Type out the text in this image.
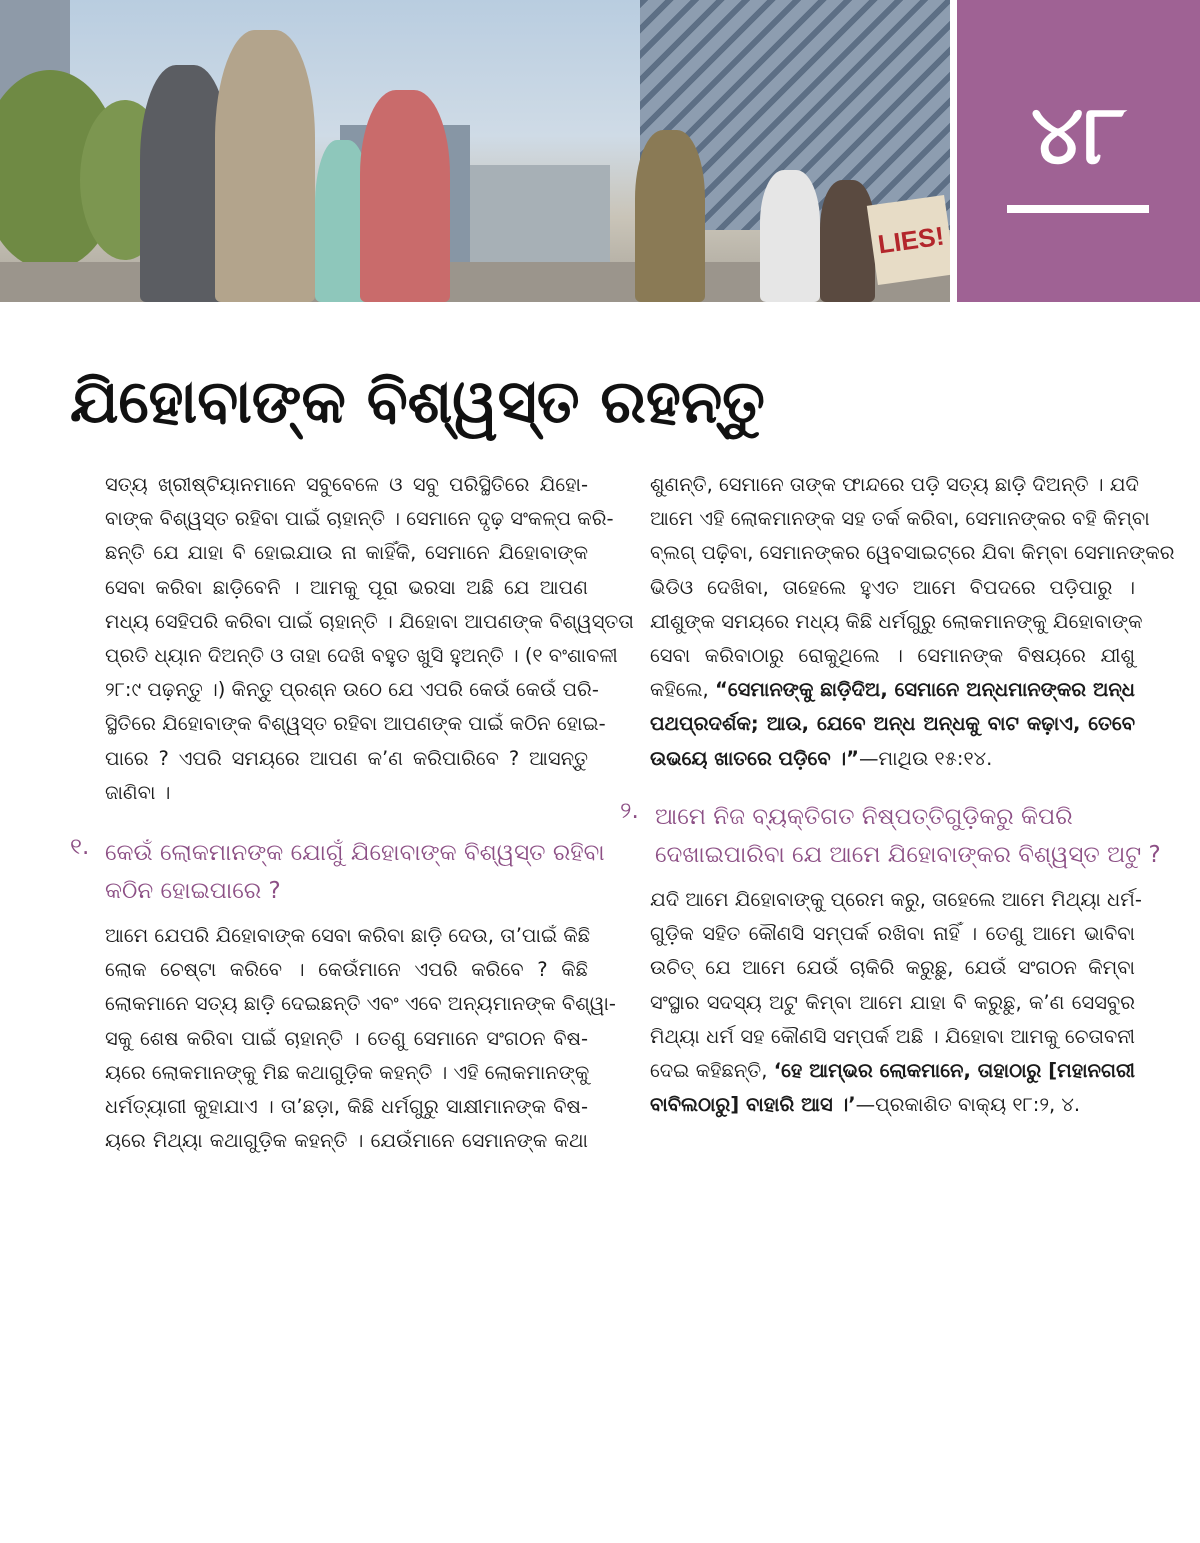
LIES!
୪୮
ଯିହୋବାଙ୍କ ବିଶ୍ୱସ୍ତ ରହନ୍ତୁ
ସତ୍ୟ ଖ୍ରୀଷ୍ଟିୟାନମାନେ ସବୁବେଳେ ଓ ସବୁ ପରିସ୍ଥିତିରେ ଯିହୋ-
ବାଙ୍କ ବିଶ୍ୱସ୍ତ ରହିବା ପାଇଁ ଚାହାନ୍ତି । ସେମାନେ ଦୃଢ଼ ସଂକଳ୍ପ କରି-
ଛନ୍ତି ଯେ ଯାହା ବି ହୋଇଯାଉ ନା କାହିଁକି, ସେମାନେ ଯିହୋବାଙ୍କ
ସେବା କରିବା ଛାଡ଼ିବେନି । ଆମକୁ ପୂରା ଭରସା ଅଛି ଯେ ଆପଣ
ମଧ୍ୟ ସେହିପରି କରିବା ପାଇଁ ଚାହାନ୍ତି । ଯିହୋବା ଆପଣଙ୍କ ବିଶ୍ୱସ୍ତତା
ପ୍ରତି ଧ୍ୟାନ ଦିଅନ୍ତି ଓ ତାହା ଦେଖି ବହୁତ ଖୁସି ହୁଅନ୍ତି । (୧ ବଂଶାବଳୀ
୨୮:୯ ପଢ଼ନ୍ତୁ ।) କିନ୍ତୁ ପ୍ରଶ୍ନ ଉଠେ ଯେ ଏପରି କେଉଁ କେଉଁ ପରି-
ସ୍ଥିତିରେ ଯିହୋବାଙ୍କ ବିଶ୍ୱସ୍ତ ରହିବା ଆପଣଙ୍କ ପାଇଁ କଠିନ ହୋଇ-
ପାରେ ? ଏପରି ସମୟରେ ଆପଣ କ’ଣ କରିପାରିବେ ? ଆସନ୍ତୁ
ଜାଣିବା ।
୧. କେଉଁ ଲୋକମାନଙ୍କ ଯୋଗୁଁ ଯିହୋବାଙ୍କ ବିଶ୍ୱସ୍ତ ରହିବା
କଠିନ ହୋଇପାରେ ?
ଆମେ ଯେପରି ଯିହୋବାଙ୍କ ସେବା କରିବା ଛାଡ଼ି ଦେଉ, ତା’ପାଇଁ କିଛି
ଲୋକ ଚେଷ୍ଟା କରିବେ । କେଉଁମାନେ ଏପରି କରିବେ ? କିଛି
ଲୋକମାନେ ସତ୍ୟ ଛାଡ଼ି ଦେଇଛନ୍ତି ଏବଂ ଏବେ ଅନ୍ୟମାନଙ୍କ ବିଶ୍ୱା-
ସକୁ ଶେଷ କରିବା ପାଇଁ ଚାହାନ୍ତି । ତେଣୁ ସେମାନେ ସଂଗଠନ ବିଷ-
ୟରେ ଲୋକମାନଙ୍କୁ ମିଛ କଥାଗୁଡ଼ିକ କହନ୍ତି । ଏହି ଲୋକମାନଙ୍କୁ
ଧର୍ମତ୍ୟାଗୀ କୁହାଯାଏ । ତା’ଛଡ଼ା, କିଛି ଧର୍ମଗୁରୁ ସାକ୍ଷୀମାନଙ୍କ ବିଷ-
ୟରେ ମିଥ୍ୟା କଥାଗୁଡ଼ିକ କହନ୍ତି । ଯେଉଁମାନେ ସେମାନଙ୍କ କଥା
ଶୁଣନ୍ତି, ସେମାନେ ତାଙ୍କ ଫାନ୍ଦରେ ପଡ଼ି ସତ୍ୟ ଛାଡ଼ି ଦିଅନ୍ତି । ଯଦି
ଆମେ ଏହି ଲୋକମାନଙ୍କ ସହ ତର୍କ କରିବା, ସେମାନଙ୍କର ବହି କିମ୍ବା
ବ୍ଲଗ୍ ପଢ଼ିବା, ସେମାନଙ୍କର ୱେବସାଇଟ୍‌ରେ ଯିବା କିମ୍ବା ସେମାନଙ୍କର
ଭିଡିଓ ଦେଖିବା, ତାହେଲେ ହୁଏତ ଆମେ ବିପଦରେ ପଡ଼ିପାରୁ ।
ଯୀଶୁଙ୍କ ସମୟରେ ମଧ୍ୟ କିଛି ଧର୍ମଗୁରୁ ଲୋକମାନଙ୍କୁ ଯିହୋବାଙ୍କ
ସେବା କରିବାଠାରୁ ରୋକୁଥିଲେ । ସେମାନଙ୍କ ବିଷୟରେ ଯୀଶୁ
କହିଲେ, “ସେମାନଙ୍କୁ ଛାଡ଼ିଦିଅ, ସେମାନେ ଅନ୍ଧମାନଙ୍କର ଅନ୍ଧ
ପଥପ୍ରଦର୍ଶକ; ଆଉ, ଯେବେ ଅନ୍ଧ ଅନ୍ଧକୁ ବାଟ କଢ଼ାଏ, ତେବେ
ଉଭୟେ ଖାତରେ ପଡ଼ିବେ ।”—ମାଥିଉ ୧୫:୧୪.
୨. ଆମେ ନିଜ ବ୍ୟକ୍ତିଗତ ନିଷ୍ପତ୍ତିଗୁଡ଼ିକରୁ କିପରି
ଦେଖାଇପାରିବା ଯେ ଆମେ ଯିହୋବାଙ୍କର ବିଶ୍ୱସ୍ତ ଅଟୁ ?
ଯଦି ଆମେ ଯିହୋବାଙ୍କୁ ପ୍ରେମ କରୁ, ତାହେଲେ ଆମେ ମିଥ୍ୟା ଧର୍ମ-
ଗୁଡ଼ିକ ସହିତ କୌଣସି ସମ୍ପର୍କ ରଖିବା ନାହିଁ । ତେଣୁ ଆମେ ଭାବିବା
ଉଚିତ୍ ଯେ ଆମେ ଯେଉଁ ଚାକିରି କରୁଛୁ, ଯେଉଁ ସଂଗଠନ କିମ୍ବା
ସଂସ୍ଥାର ସଦସ୍ୟ ଅଟୁ କିମ୍ବା ଆମେ ଯାହା ବି କରୁଛୁ, କ’ଣ ସେସବୁର
ମିଥ୍ୟା ଧର୍ମ ସହ କୌଣସି ସମ୍ପର୍କ ଅଛି । ଯିହୋବା ଆମକୁ ଚେତାବନୀ
ଦେଇ କହିଛନ୍ତି, ‘ହେ ଆମ୍ଭର ଲୋକମାନେ, ତାହାଠାରୁ [ମହାନଗରୀ
ବାବିଲଠାରୁ] ବାହାରି ଆସ ।’—ପ୍ରକାଶିତ ବାକ୍ୟ ୧୮:୨, ୪.
